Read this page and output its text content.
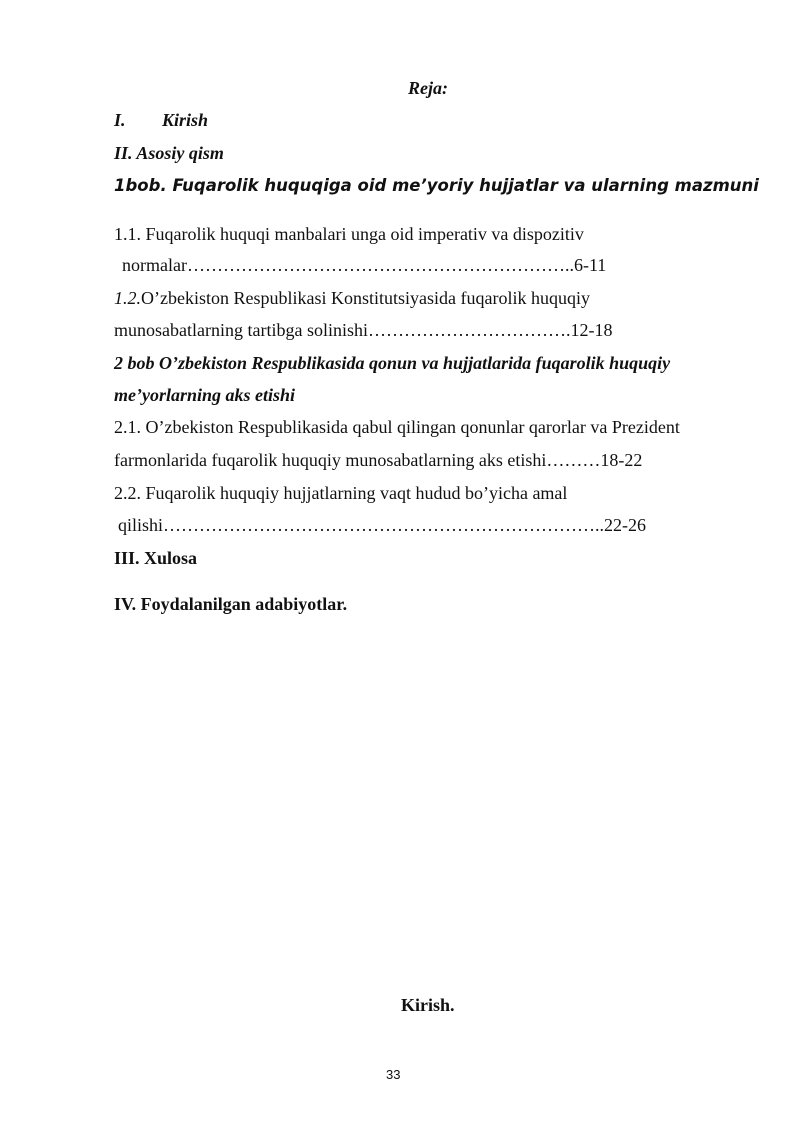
Reja:
I. Kirish
II. Asosiy qism
1bob. Fuqarolik huquqiga oid me’yoriy hujjatlar va ularning mazmuni
1.1. Fuqarolik huquqi manbalari unga oid imperativ va dispozitiv
normalar………………………………………………………..6-11
1.2.O’zbekiston Respublikasi Konstitutsiyasida fuqarolik huquqiy
munosabatlarning tartibga solinishi…………………………….12-18
2 bob O’zbekiston Respublikasida qonun va hujjatlarida fuqarolik huquqiy
me’yorlarning aks etishi
2.1. O’zbekiston Respublikasida qabul qilingan qonunlar qarorlar va Prezident
farmonlarida fuqarolik huquqiy munosabatlarning aks etishi………18-22
2.2. Fuqarolik huquqiy hujjatlarning vaqt hudud bo’yicha amal
qilishi………………………………………………………………..22-26
III. Xulosa
IV. Foydalanilgan adabiyotlar.
Kirish.
33
